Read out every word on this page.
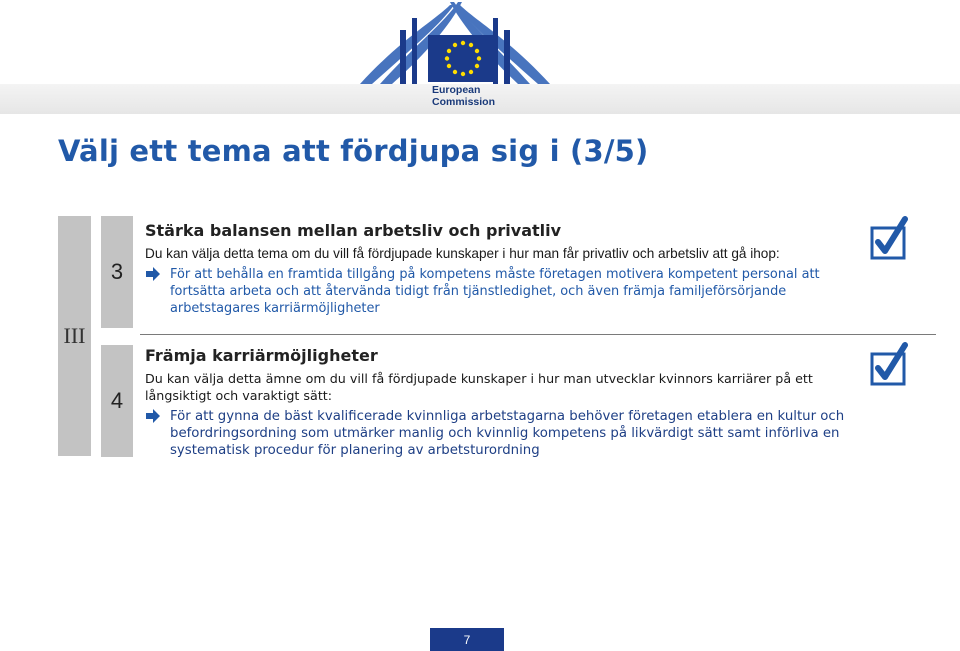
European
Commission
Välj ett tema att fördjupa sig i (3/5)
III
3
4

Stärka balansen mellan arbetsliv och privatliv

Du kan välja detta tema om du vill få fördjupade kunskaper i hur man får privatliv och arbetsliv att gå ihop:

För att behålla en framtida tillgång på kompetens måste företagen motivera kompetent personal att fortsätta arbeta och att återvända tidigt från tjänstledighet, och även främja familjeförsörjande arbetstagares karriärmöjligheter

Främja karriärmöjligheter

Du kan välja detta ämne om du vill få fördjupade kunskaper i hur man utvecklar kvinnors karriärer på ett långsiktigt och varaktigt sätt:

För att gynna de bäst kvalificerade kvinnliga arbetstagarna behöver företagen etablera en kultur och befordringsordning som utmärker manlig och kvinnlig kompetens på likvärdigt sätt samt införliva en systematisk procedur för planering av arbetsturordning

7
